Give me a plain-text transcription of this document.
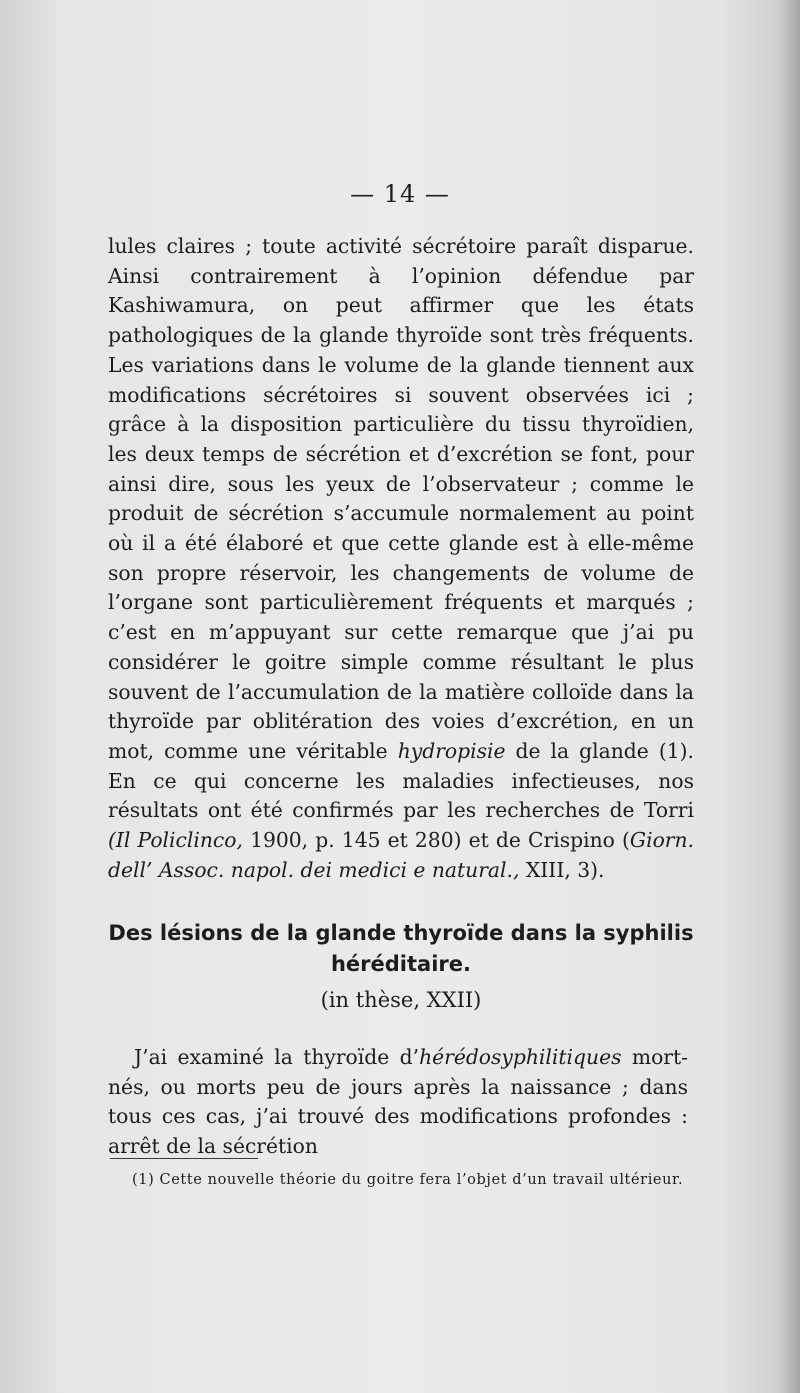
— 14 —

lules claires ; toute activité sécrétoire paraît disparue. Ainsi contrairement à l’opinion défendue par Kashiwamura, on peut affirmer que les états pathologiques de la glande thyroïde sont très fréquents. Les variations dans le volume de la glande tiennent aux modifications sécrétoires si souvent observées ici ; grâce à la disposition particulière du tissu thyroïdien, les deux temps de sécrétion et d’excrétion se font, pour ainsi dire, sous les yeux de l’observateur ; comme le produit de sécrétion s’accumule normalement au point où il a été élaboré et que cette glande est à elle-même son propre réservoir, les changements de volume de l’organe sont particulièrement fréquents et marqués ; c’est en m’appuyant sur cette remarque que j’ai pu considérer le goitre simple comme résultant le plus souvent de l’accumulation de la matière colloïde dans la thyroïde par oblitération des voies d’excrétion, en un mot, comme une véritable hydropisie de la glande (1). En ce qui concerne les maladies infectieuses, nos résultats ont été confirmés par les recherches de Torri (Il Policlinco, 1900, p. 145 et 280) et de Crispino (Giorn. dell’ Assoc. napol. dei medici e natural., XIII, 3).

Des lésions de la glande thyroïde dans la syphilis héréditaire.
(in thèse, XXII)

J’ai examiné la thyroïde d’hérédosyphilitiques mort-nés, ou morts peu de jours après la naissance ; dans tous ces cas, j’ai trouvé des modifications profondes : arrêt de la sécrétion

(1) Cette nouvelle théorie du goitre fera l’objet d’un travail ultérieur.
